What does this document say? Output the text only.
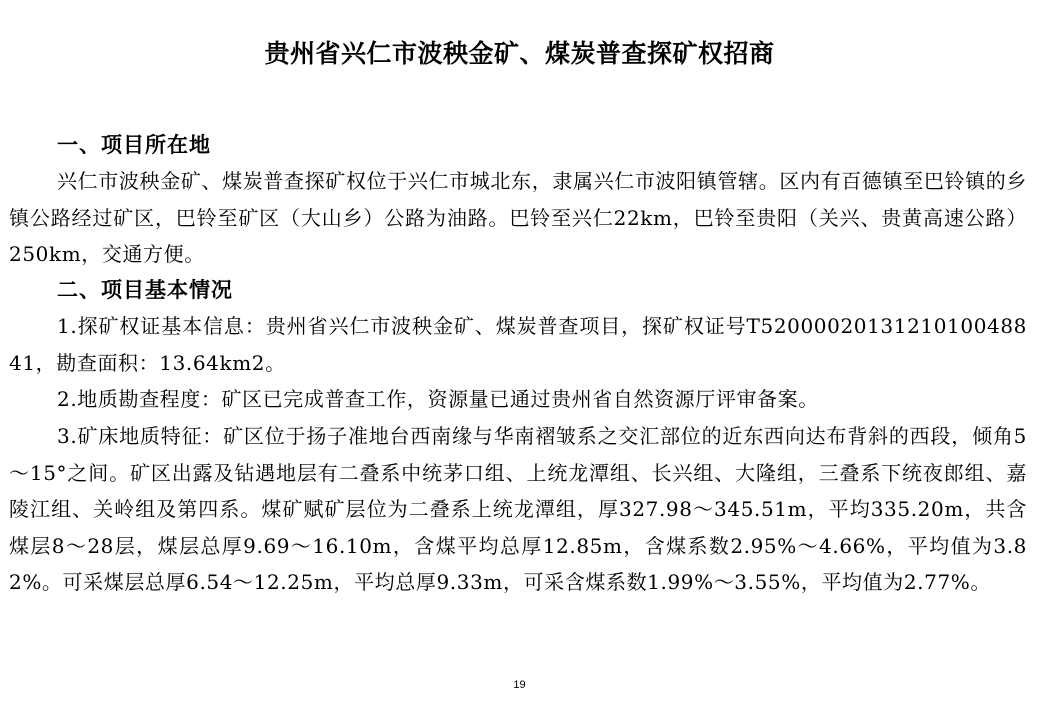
贵州省兴仁市波秧金矿、煤炭普查探矿权招商
一、项目所在地

兴仁市波秧金矿、煤炭普查探矿权位于兴仁市城北东，隶属兴仁市波阳镇管辖。区内有百德镇至巴铃镇的乡镇公路经过矿区，巴铃至矿区（大山乡）公路为油路。巴铃至兴仁22km，巴铃至贵阳（关兴、贵黄高速公路）250km，交通方便。

二、项目基本情况

1.探矿权证基本信息：贵州省兴仁市波秧金矿、煤炭普查项目，探矿权证号T5200002013121010048841，勘查面积：13.64km2。

2.地质勘查程度：矿区已完成普查工作，资源量已通过贵州省自然资源厅评审备案。

3.矿床地质特征：矿区位于扬子准地台西南缘与华南褶皱系之交汇部位的近东西向达布背斜的西段，倾角5～15°之间。矿区出露及钻遇地层有二叠系中统茅口组、上统龙潭组、长兴组、大隆组，三叠系下统夜郎组、嘉陵江组、关岭组及第四系。煤矿赋矿层位为二叠系上统龙潭组，厚327.98～345.51m，平均335.20m，共含煤层8～28层，煤层总厚9.69～16.10m，含煤平均总厚12.85m，含煤系数2.95%～4.66%，平均值为3.82%。可采煤层总厚6.54～12.25m，平均总厚9.33m，可采含煤系数1.99%～3.55%，平均值为2.77%。

19
